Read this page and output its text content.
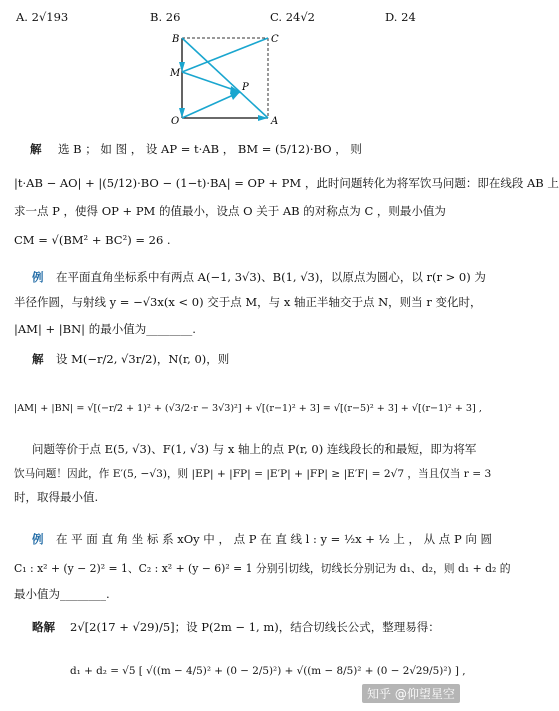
A. 2√193	B. 26	C. 24√2	D. 24
B	C
M
P
O	A
解 选 B ； 如 图 ， 设 AP = t·AB ， BM = (5/12)·BO ， 则
|t·AB − AO| + |(5/12)·BO − (1−t)·BA| = OP + PM ，此时问题转化为将军饮马问题：即在线段 AB 上
求一点 P ，使得 OP + PM 的值最小，设点 O 关于 AB 的对称点为 C ，则最小值为
CM = √(BM² + BC²) = 26 .
例 在平面直角坐标系中有两点 A(−1, 3√3)、B(1, √3)，以原点为圆心，以 r(r > 0) 为
半径作圆，与射线 y = −√3x(x < 0) 交于点 M，与 x 轴正半轴交于点 N，则当 r 变化时，
|AM| + |BN| 的最小值为________.
解 设 M(−r/2, √3r/2)，N(r, 0)，则
|AM| + |BN| = √[(−r/2 + 1)² + (√3/2·r − 3√3)²] + √[(r−1)² + 3] = √[(r−5)² + 3] + √[(r−1)² + 3] ,
问题等价于点 E(5, √3)、F(1, √3) 与 x 轴上的点 P(r, 0) 连线段长的和最短，即为将军
饮马问题！因此，作 E′(5, −√3)，则 |EP| + |FP| = |E′P| + |FP| ≥ |E′F| = 2√7 ，当且仅当 r = 3
时，取得最小值.
例 在 平 面 直 角 坐 标 系 xOy 中 ， 点 P 在 直 线 l : y = ½x + ½ 上 ， 从 点 P 向 圆
C₁ : x² + (y − 2)² = 1、C₂ : x² + (y − 6)² = 1 分别引切线，切线长分别记为 d₁、d₂，则 d₁ + d₂ 的
最小值为________.
略解 2√[2(17 + √29)/5]；设 P(2m − 1, m)，结合切线长公式，整理易得：
d₁ + d₂ = √5 [ √((m − 4/5)² + (0 − 2/5)²) + √((m − 8/5)² + (0 − 2√29/5)²) ] ,
知乎 @仰望星空
